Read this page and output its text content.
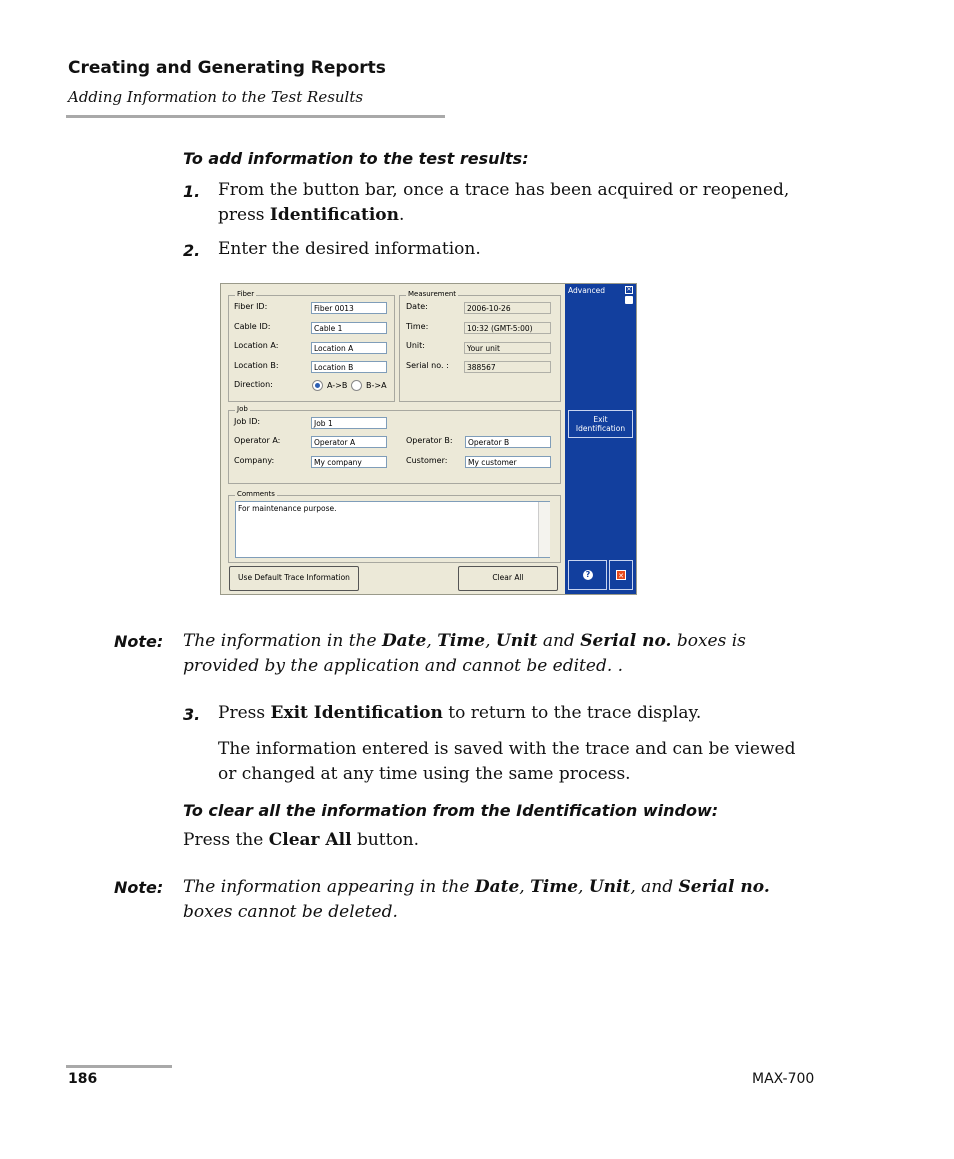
Creating and Generating Reports
Adding Information to the Test Results
To add information to the test results:
1. From the button bar, once a trace has been acquired or reopened, press Identification.
2. Enter the desired information.
Fiber
Fiber ID:	Fiber 0013
Cable ID:	Cable 1
Location A:	Location A
Location B:	Location B
Direction:	A->B B->A
Measurement
Date:	2006-10-26
Time:	10:32 (GMT-5:00)
Unit:	Your unit
Serial no. :	388567
Job
Job ID:	Job 1
Operator A:	Operator A	Operator B:	Operator B
Company:	My company	Customer:	My customer
Comments
For maintenance purpose.
Use Default Trace Information	Clear All
Advanced	✕
Exit
Identification
?	✕
Note: The information in the Date, Time, Unit and Serial no. boxes is provided by the application and cannot be edited. .
3. Press Exit Identification to return to the trace display.
The information entered is saved with the trace and can be viewed or changed at any time using the same process.
To clear all the information from the Identification window:
Press the Clear All button.
Note: The information appearing in the Date, Time, Unit, and Serial no. boxes cannot be deleted.
186	MAX-700
